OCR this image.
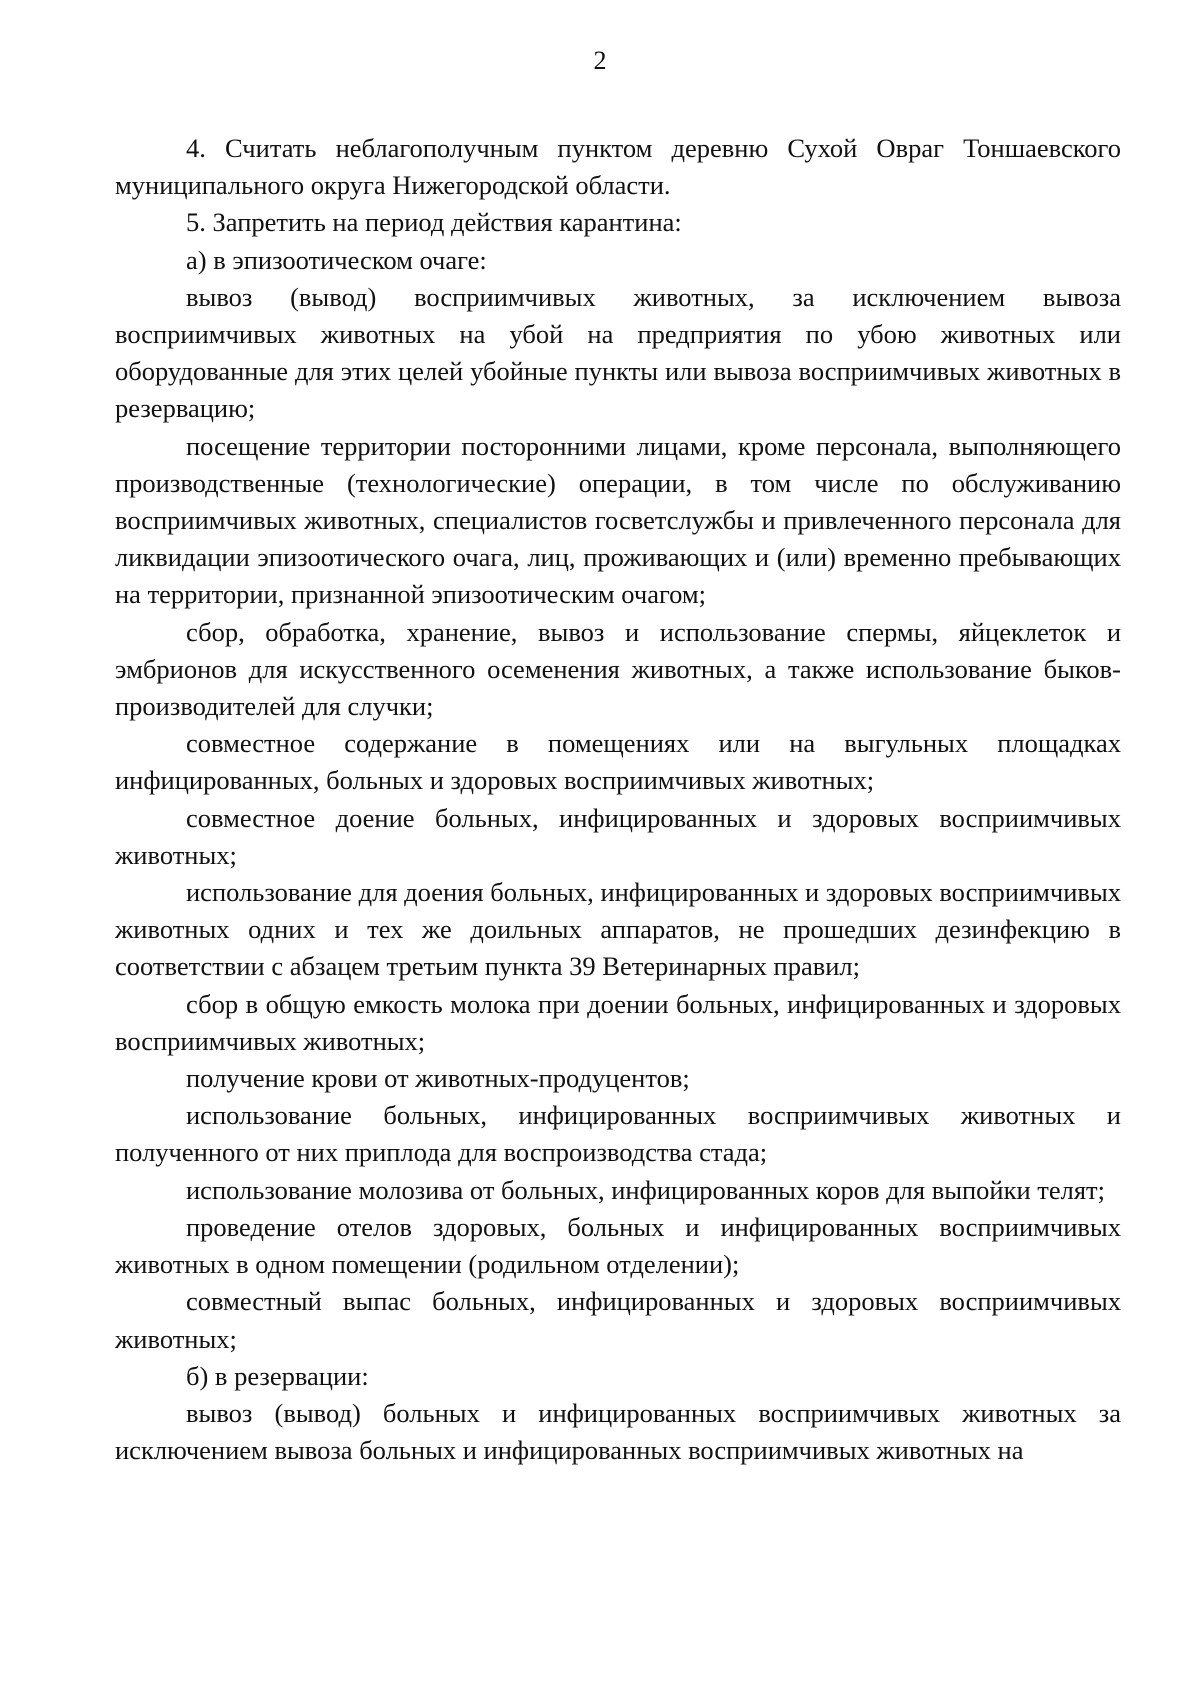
2

4. Считать неблагополучным пунктом деревню Сухой Овраг Тоншаевского муниципального округа Нижегородской области.

5. Запретить на период действия карантина:

а) в эпизоотическом очаге:

вывоз (вывод) восприимчивых животных, за исключением вывоза восприимчивых животных на убой на предприятия по убою животных или оборудованные для этих целей убойные пункты или вывоза восприимчивых животных в резервацию;

посещение территории посторонними лицами, кроме персонала, выполняющего производственные (технологические) операции, в том числе по обслуживанию восприимчивых животных, специалистов госветслужбы и привлеченного персонала для ликвидации эпизоотического очага, лиц, проживающих и (или) временно пребывающих на территории, признанной эпизоотическим очагом;

сбор, обработка, хранение, вывоз и использование спермы, яйцеклеток и эмбрионов для искусственного осеменения животных, а также использование быков-производителей для случки;

совместное содержание в помещениях или на выгульных площадках инфицированных, больных и здоровых восприимчивых животных;

совместное доение больных, инфицированных и здоровых восприимчивых животных;

использование для доения больных, инфицированных и здоровых восприимчивых животных одних и тех же доильных аппаратов, не прошедших дезинфекцию в соответствии с абзацем третьим пункта 39 Ветеринарных правил;

сбор в общую емкость молока при доении больных, инфицированных и здоровых восприимчивых животных;

получение крови от животных-продуцентов;

использование больных, инфицированных восприимчивых животных и полученного от них приплода для воспроизводства стада;

использование молозива от больных, инфицированных коров для выпойки телят;

проведение отелов здоровых, больных и инфицированных восприимчивых животных в одном помещении (родильном отделении);

совместный выпас больных, инфицированных и здоровых восприимчивых животных;

б) в резервации:

вывоз (вывод) больных и инфицированных восприимчивых животных за исключением вывоза больных и инфицированных восприимчивых животных на
